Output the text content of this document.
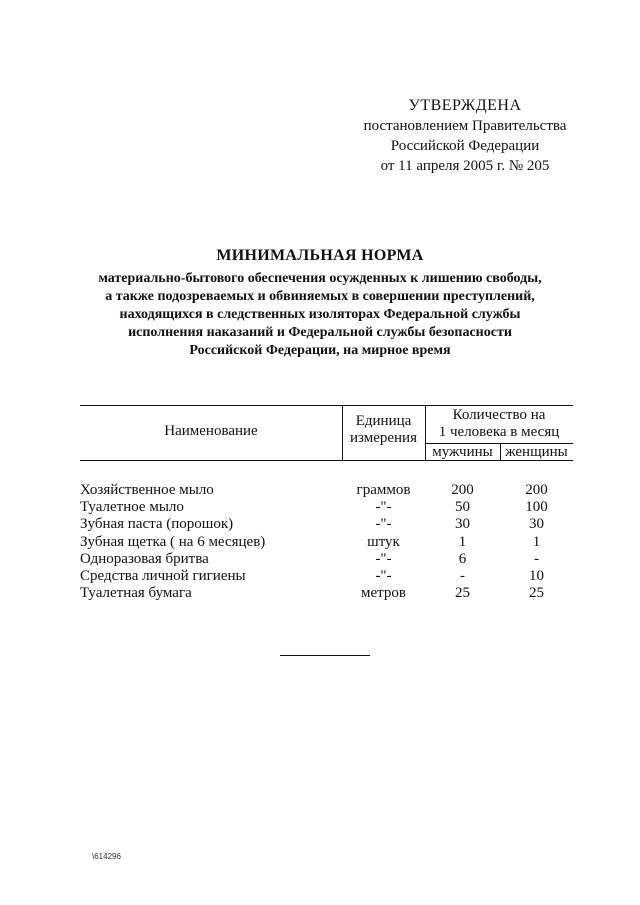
УТВЕРЖДЕНА
постановлением Правительства
Российской Федерации
от 11 апреля 2005 г. № 205
МИНИМАЛЬНАЯ НОРМА
материально-бытового обеспечения осужденных к лишению свободы,
а также подозреваемых и обвиняемых в совершении преступлений,
находящихся в следственных изоляторах Федеральной службы
исполнения наказаний и Федеральной службы безопасности
Российской Федерации, на мирное время
Наименование
Единица
измерения
Количество на
1 человека в месяц
мужчины женщины
Хозяйственное мыло	граммов	200	200
Туалетное мыло	-"-	50	100
Зубная паста (порошок)	-"-	30	30
Зубная щетка ( на 6 месяцев)	штук	1	1
Одноразовая бритва	-"-	6	-
Средства личной гигиены	-"-	-	10
Туалетная бумага	метров	25	25
\614296
